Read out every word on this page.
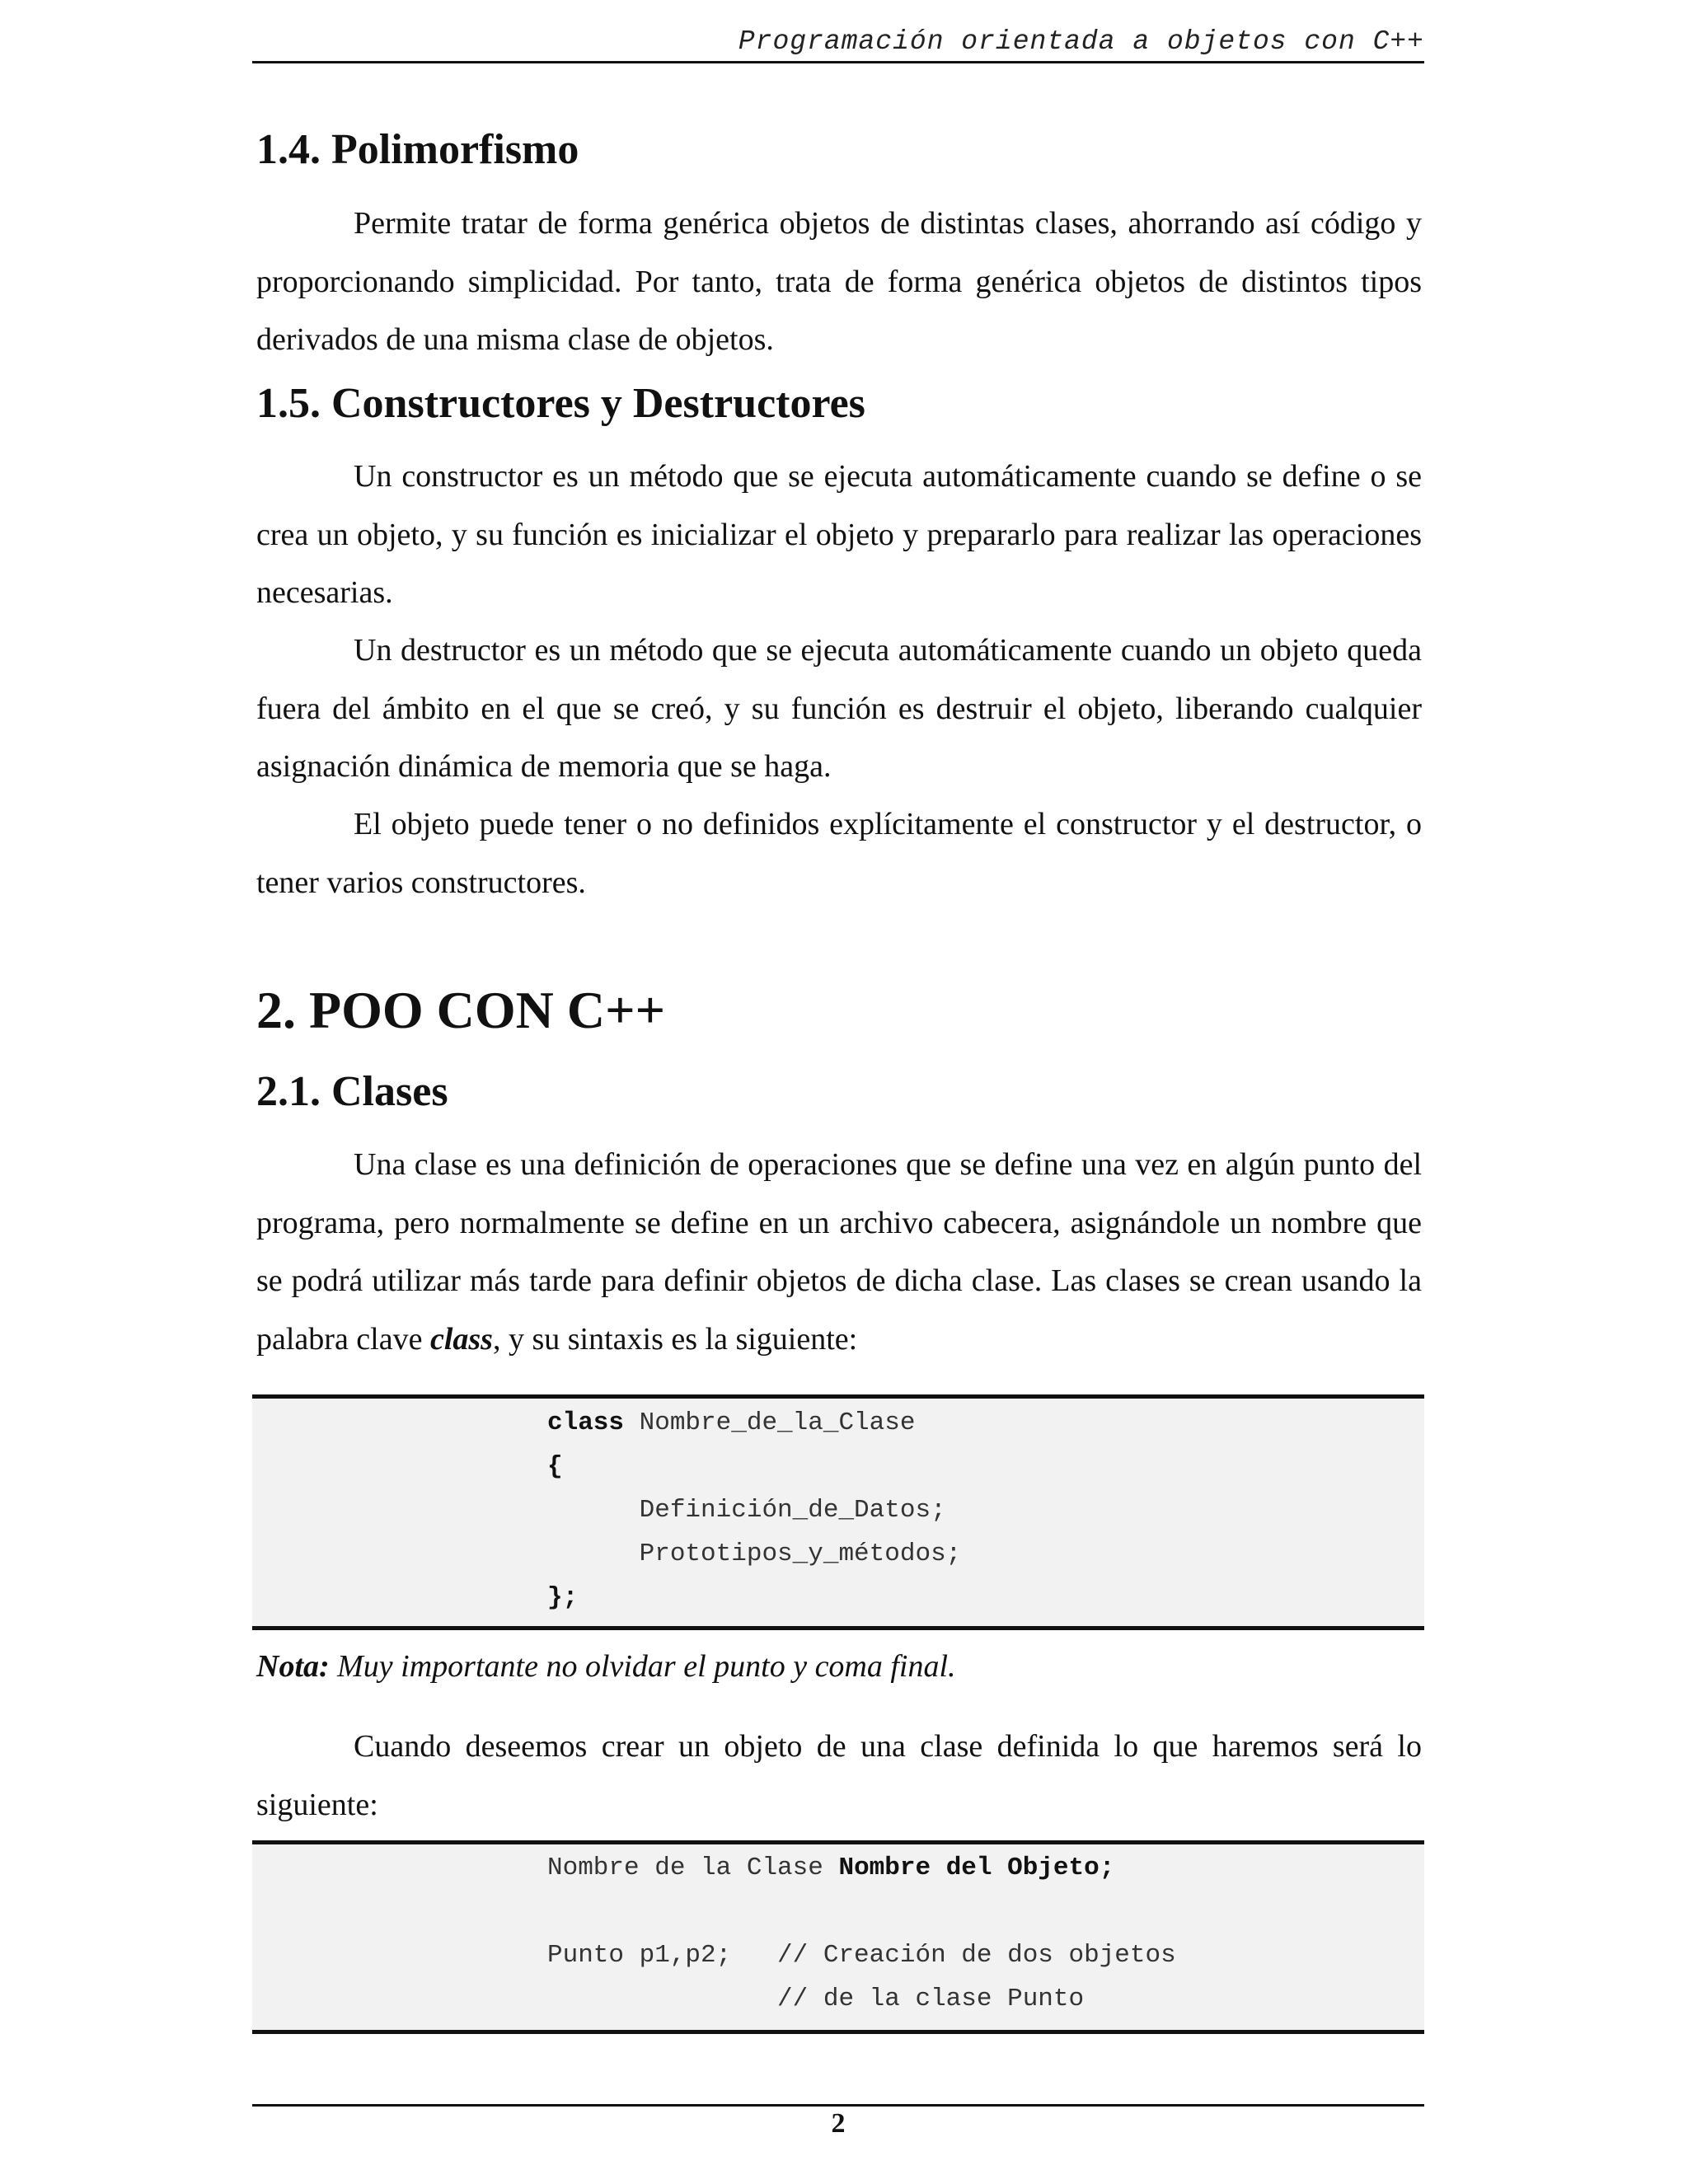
Programación orientada a objetos con C++
1.4. Polimorfismo

Permite tratar de forma genérica objetos de distintas clases, ahorrando así código y proporcionando simplicidad. Por tanto, trata de forma genérica objetos de distintos tipos derivados de una misma clase de objetos.

1.5. Constructores y Destructores

Un constructor es un método que se ejecuta automáticamente cuando se define o se crea un objeto, y su función es inicializar el objeto y prepararlo para realizar las operaciones necesarias.

Un destructor es un método que se ejecuta automáticamente cuando un objeto queda fuera del ámbito en el que se creó, y su función es destruir el objeto, liberando cualquier asignación dinámica de memoria que se haga.

El objeto puede tener o no definidos explícitamente el constructor y el destructor, o tener varios constructores.

2. POO CON C++
2.1. Clases

Una clase es una definición de operaciones que se define una vez en algún punto del programa, pero normalmente se define en un archivo cabecera, asignándole un nombre que se podrá utilizar más tarde para definir objetos de dicha clase. Las clases se crean usando la palabra clave class, y su sintaxis es la siguiente:

class Nombre_de_la_Clase
{
Definición_de_Datos;
Prototipos_y_métodos;
};

Nota: Muy importante no olvidar el punto y coma final.

Cuando deseemos crear un objeto de una clase definida lo que haremos será lo siguiente:

Nombre de la Clase Nombre del Objeto;

Punto p1,p2;   // Creación de dos objetos
// de la clase Punto
2
